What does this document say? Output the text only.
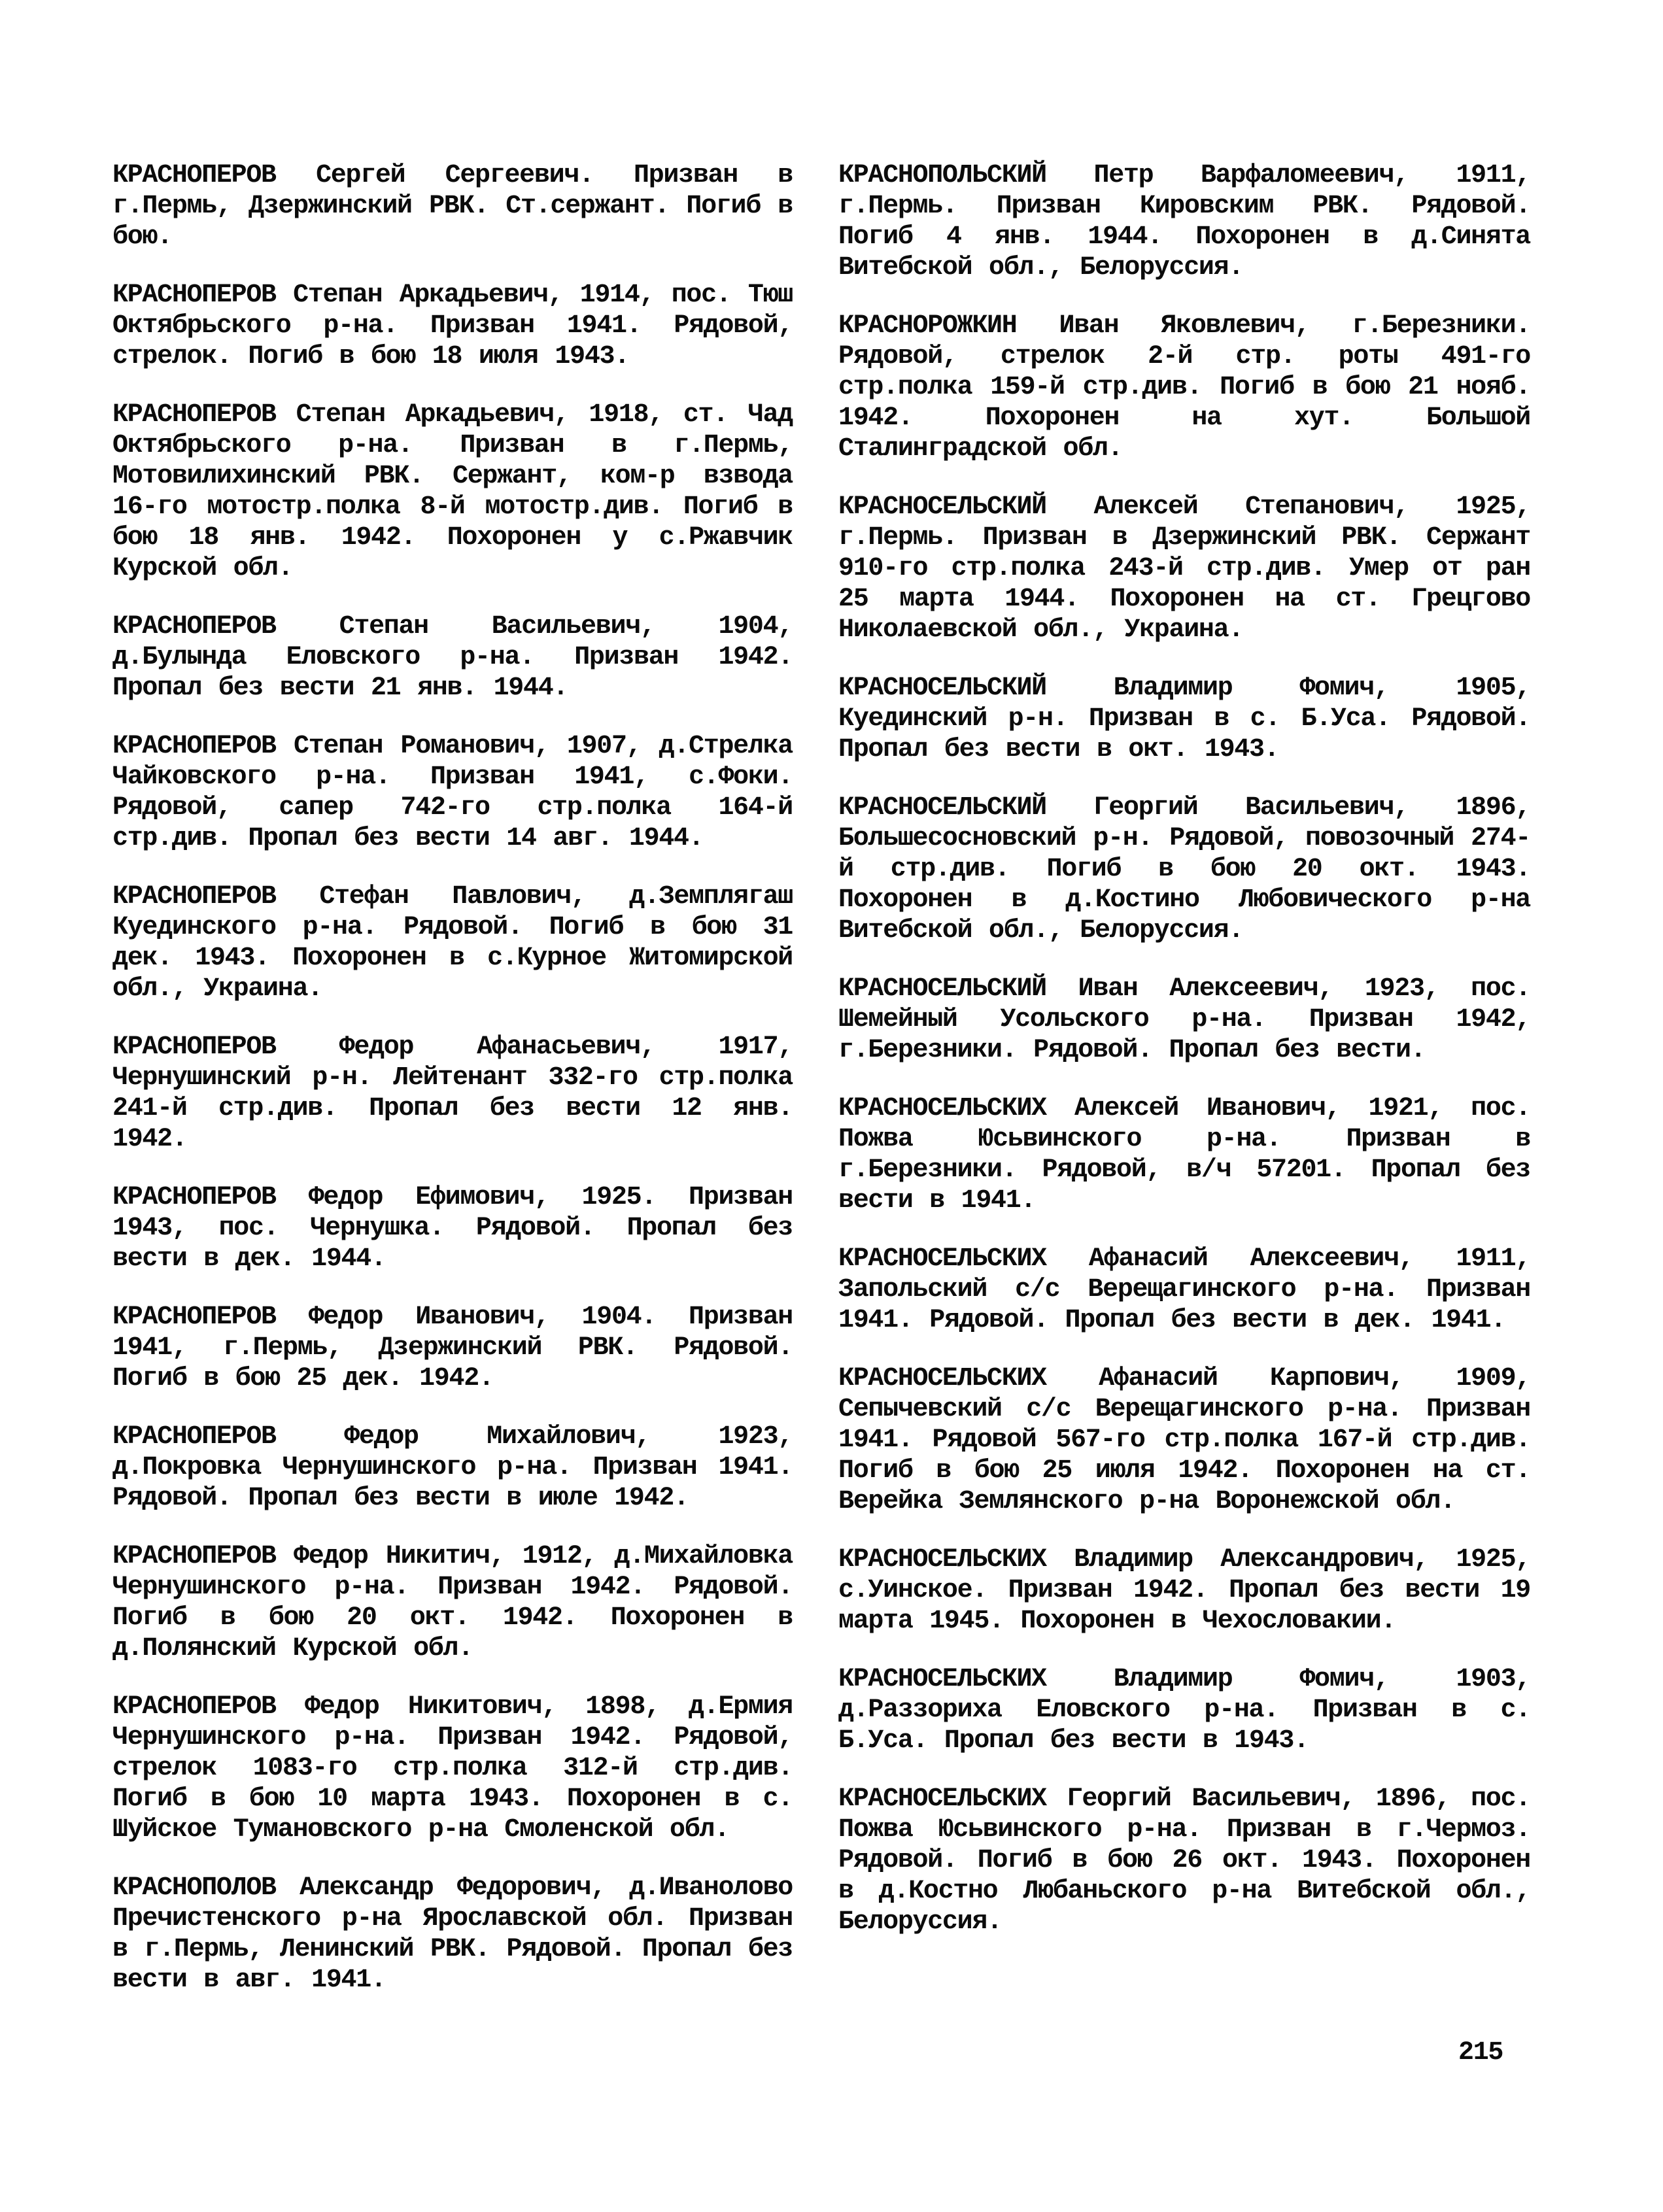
КРАСНОПЕРОВ Сергей Сергеевич. Призван в г.Пермь, Дзержинский РВК. Ст.сержант. Погиб в бою.

КРАСНОПЕРОВ Степан Аркадьевич, 1914, пос. Тюш Октябрьского р-на. Призван 1941. Рядовой, стрелок. Погиб в бою 18 июля 1943.

КРАСНОПЕРОВ Степан Аркадьевич, 1918, ст. Чад Октябрьского р-на. Призван в г.Пермь, Мотовилихинский РВК. Сержант, ком-р взвода 16-го мотостр.полка 8-й мотостр.див. Погиб в бою 18 янв. 1942. Похоронен у с.Ржавчик Курской обл.

КРАСНОПЕРОВ Степан Васильевич, 1904, д.Булында Еловского р-на. Призван 1942. Пропал без вести 21 янв. 1944.

КРАСНОПЕРОВ Степан Романович, 1907, д.Стрелка Чайковского р-на. Призван 1941, с.Фоки. Рядовой, сапер 742-го стр.полка 164-й стр.див. Пропал без вести 14 авг. 1944.

КРАСНОПЕРОВ Стефан Павлович, д.Земплягаш Куединского р-на. Рядовой. Погиб в бою 31 дек. 1943. Похоронен в с.Курное Житомирской обл., Украина.

КРАСНОПЕРОВ Федор Афанасьевич, 1917, Чернушинский р-н. Лейтенант 332-го стр.полка 241-й стр.див. Пропал без вести 12 янв. 1942.

КРАСНОПЕРОВ Федор Ефимович, 1925. Призван 1943, пос. Чернушка. Рядовой. Пропал без вести в дек. 1944.

КРАСНОПЕРОВ Федор Иванович, 1904. Призван 1941, г.Пермь, Дзержинский РВК. Рядовой. Погиб в бою 25 дек. 1942.

КРАСНОПЕРОВ Федор Михайлович, 1923, д.Покровка Чернушинского р-на. Призван 1941. Рядовой. Пропал без вести в июле 1942.

КРАСНОПЕРОВ Федор Никитич, 1912, д.Михайловка Чернушинского р-на. Призван 1942. Рядовой. Погиб в бою 20 окт. 1942. Похоронен в д.Полянский Курской обл.

КРАСНОПЕРОВ Федор Никитович, 1898, д.Ермия Чернушинского р-на. Призван 1942. Рядовой, стрелок 1083-го стр.полка 312-й стр.див. Погиб в бою 10 марта 1943. Похоронен в с. Шуйское Тумановского р-на Смоленской обл.

КРАСНОПОЛОВ Александр Федорович, д.Иванолово Пречистенского р-на Ярославской обл. Призван в г.Пермь, Ленинский РВК. Рядовой. Пропал без вести в авг. 1941.

КРАСНОПОЛЬСКИЙ Петр Варфаломеевич, 1911, г.Пермь. Призван Кировским РВК. Рядовой. Погиб 4 янв. 1944. Похоронен в д.Синята Витебской обл., Белоруссия.

КРАСНОРОЖКИН Иван Яковлевич, г.Березники. Рядовой, стрелок 2-й стр. роты 491-го стр.полка 159-й стр.див. Погиб в бою 21 нояб. 1942. Похоронен на хут. Большой Сталинградской обл.

КРАСНОСЕЛЬСКИЙ Алексей Степанович, 1925, г.Пермь. Призван в Дзержинский РВК. Сержант 910-го стр.полка 243-й стр.див. Умер от ран 25 марта 1944. Похоронен на ст. Грецгово Николаевской обл., Украина.

КРАСНОСЕЛЬСКИЙ Владимир Фомич, 1905, Куединский р-н. Призван в с. Б.Уса. Рядовой. Пропал без вести в окт. 1943.

КРАСНОСЕЛЬСКИЙ Георгий Васильевич, 1896, Большесосновский р-н. Рядовой, повозочный 274-й стр.див. Погиб в бою 20 окт. 1943. Похоронен в д.Костино Любовического р-на Витебской обл., Белоруссия.

КРАСНОСЕЛЬСКИЙ Иван Алексеевич, 1923, пос. Шемейный Усольского р-на. Призван 1942, г.Березники. Рядовой. Пропал без вести.

КРАСНОСЕЛЬСКИХ Алексей Иванович, 1921, пос. Пожва Юсьвинского р-на. Призван в г.Березники. Рядовой, в/ч 57201. Пропал без вести в 1941.

КРАСНОСЕЛЬСКИХ Афанасий Алексеевич, 1911, Запольский с/с Верещагинского р-на. Призван 1941. Рядовой. Пропал без вести в дек. 1941.

КРАСНОСЕЛЬСКИХ Афанасий Карпович, 1909, Сепычевский с/с Верещагинского р-на. Призван 1941. Рядовой 567-го стр.полка 167-й стр.див. Погиб в бою 25 июля 1942. Похоронен на ст. Верейка Землянского р-на Воронежской обл.

КРАСНОСЕЛЬСКИХ Владимир Александрович, 1925, с.Уинское. Призван 1942. Пропал без вести 19 марта 1945. Похоронен в Чехословакии.

КРАСНОСЕЛЬСКИХ Владимир Фомич, 1903, д.Раззориха Еловского р-на. Призван в с. Б.Уса. Пропал без вести в 1943.

КРАСНОСЕЛЬСКИХ Георгий Васильевич, 1896, пос. Пожва Юсьвинского р-на. Призван в г.Чермоз. Рядовой. Погиб в бою 26 окт. 1943. Похоронен в д.Костно Любаньского р-на Витебской обл., Белоруссия.

215
